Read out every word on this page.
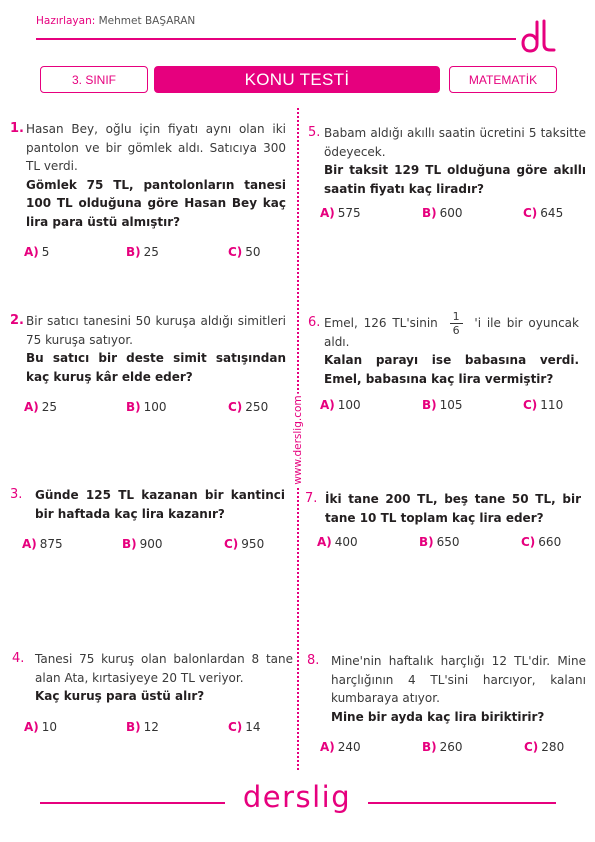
Hazırlayan: Mehmet BAŞARAN
3. SINIF	KONU TESTİ	MATEMATİK
www.derslig.com
1. Hasan Bey, oğlu için fiyatı aynı olan iki pantolon ve bir gömlek aldı. Satıcıya 300 TL verdi.
Gömlek 75 TL, pantolonların tanesi 100 TL olduğuna göre Hasan Bey kaç lira para üstü almıştır?
A) 5	B) 25	C) 50
2. Bir satıcı tanesini 50 kuruşa aldığı simitleri 75 kuruşa satıyor.
Bu satıcı bir deste simit satışından kaç kuruş kâr elde eder?
A) 25	B) 100	C) 250
3. Günde 125 TL kazanan bir kantinci bir haftada kaç lira kazanır?
A) 875	B) 900	C) 950
4. Tanesi 75 kuruş olan balonlardan 8 tane alan Ata, kırtasiyeye 20 TL veriyor.
Kaç kuruş para üstü alır?
A) 10	B) 12	C) 14
5. Babam aldığı akıllı saatin ücretini 5 taksitte ödeyecek.
Bir taksit 129 TL olduğuna göre akıllı saatin fiyatı kaç liradır?
A) 575	B) 600	C) 645
6. Emel, 126 TL'sinin $\frac{1}{6}$ 'i ile bir oyuncak aldı.
Kalan parayı ise babasına verdi. Emel, babasına kaç lira vermiştir?
A) 100	B) 105	C) 110
7. İki tane 200 TL, beş tane 50 TL, bir tane 10 TL toplam kaç lira eder?
A) 400	B) 650	C) 660
8. Mine'nin haftalık harçlığı 12 TL'dir. Mine harçlığının 4 TL'sini harcıyor, kalanı kumbaraya atıyor.
Mine bir ayda kaç lira biriktirir?
A) 240	B) 260	C) 280
derslig
